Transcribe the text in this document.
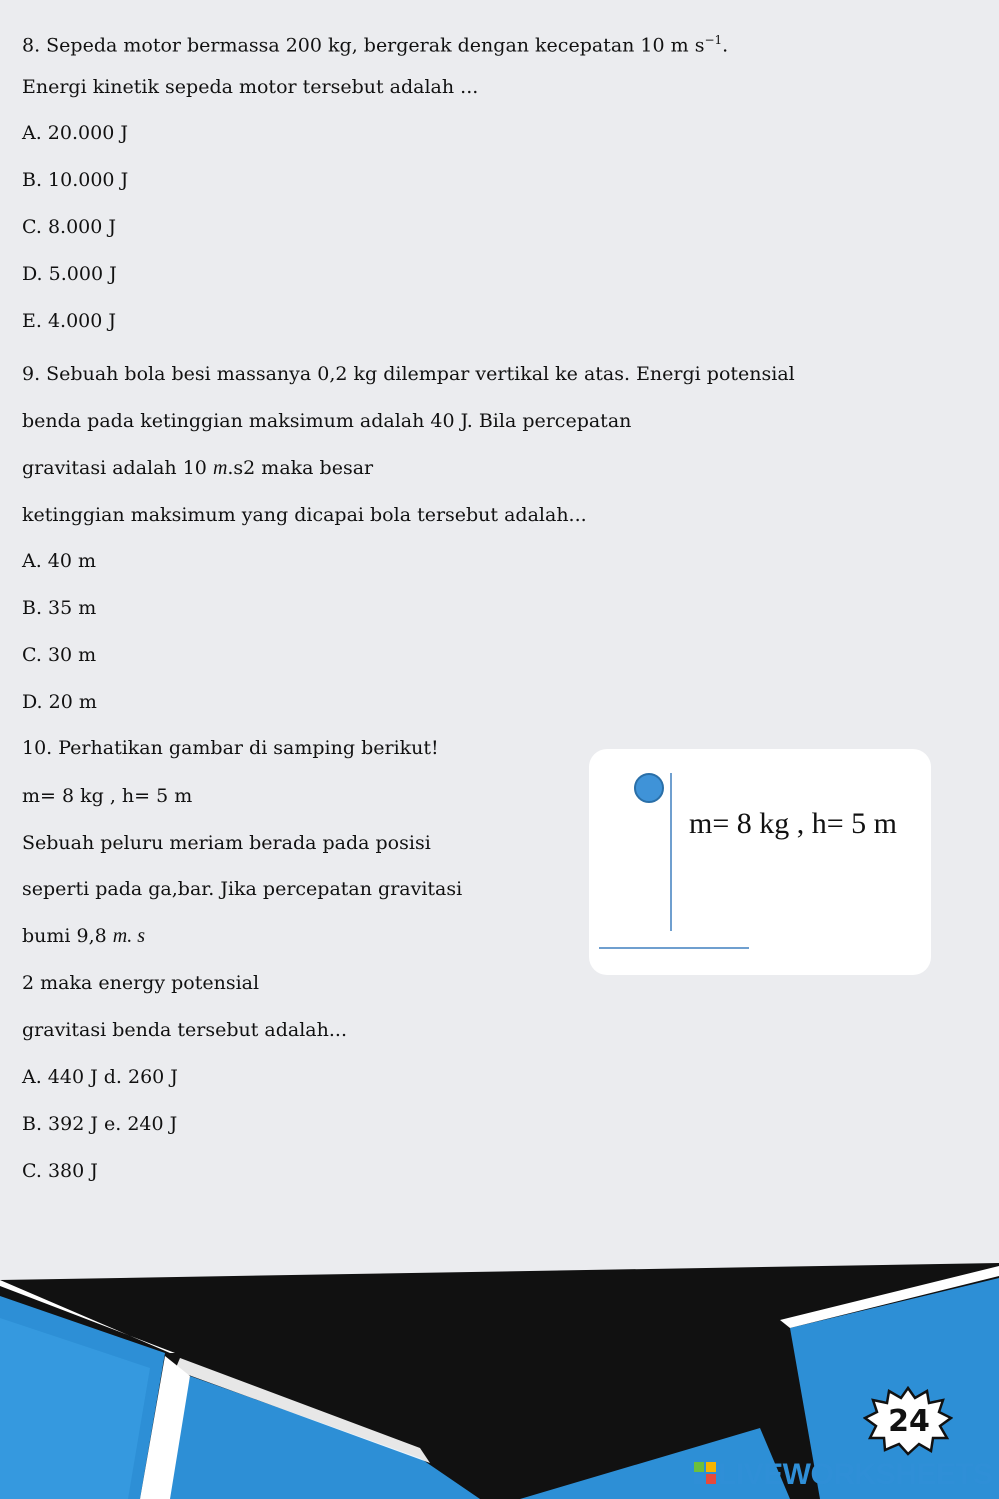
8. Sepeda motor bermassa 200 kg, bergerak dengan kecepatan 10 m $s^{-1}$.
Energi kinetik sepeda motor tersebut adalah ...
A. 20.000 J
B. 10.000 J
C. 8.000 J
D. 5.000 J
E. 4.000 J
9. Sebuah bola besi massanya 0,2 kg dilempar vertikal ke atas. Energi potensial
benda pada ketinggian maksimum adalah 40 J. Bila percepatan
gravitasi adalah 10 m.s2 maka besar
ketinggian maksimum yang dicapai bola tersebut adalah...
A. 40 m
B. 35 m
C. 30 m
D. 20 m
10. Perhatikan gambar di samping berikut!
m= 8 kg , h= 5 m
Sebuah peluru meriam berada pada posisi
seperti pada ga,bar. Jika percepatan gravitasi
bumi 9,8 m. s
2 maka energy potensial
gravitasi benda tersebut adalah...
A. 440 J d. 260 J
B. 392 J e. 240 J
C. 380 J
m= 8 kg , h= 5 m
24
LIVEWORKSHEETS
